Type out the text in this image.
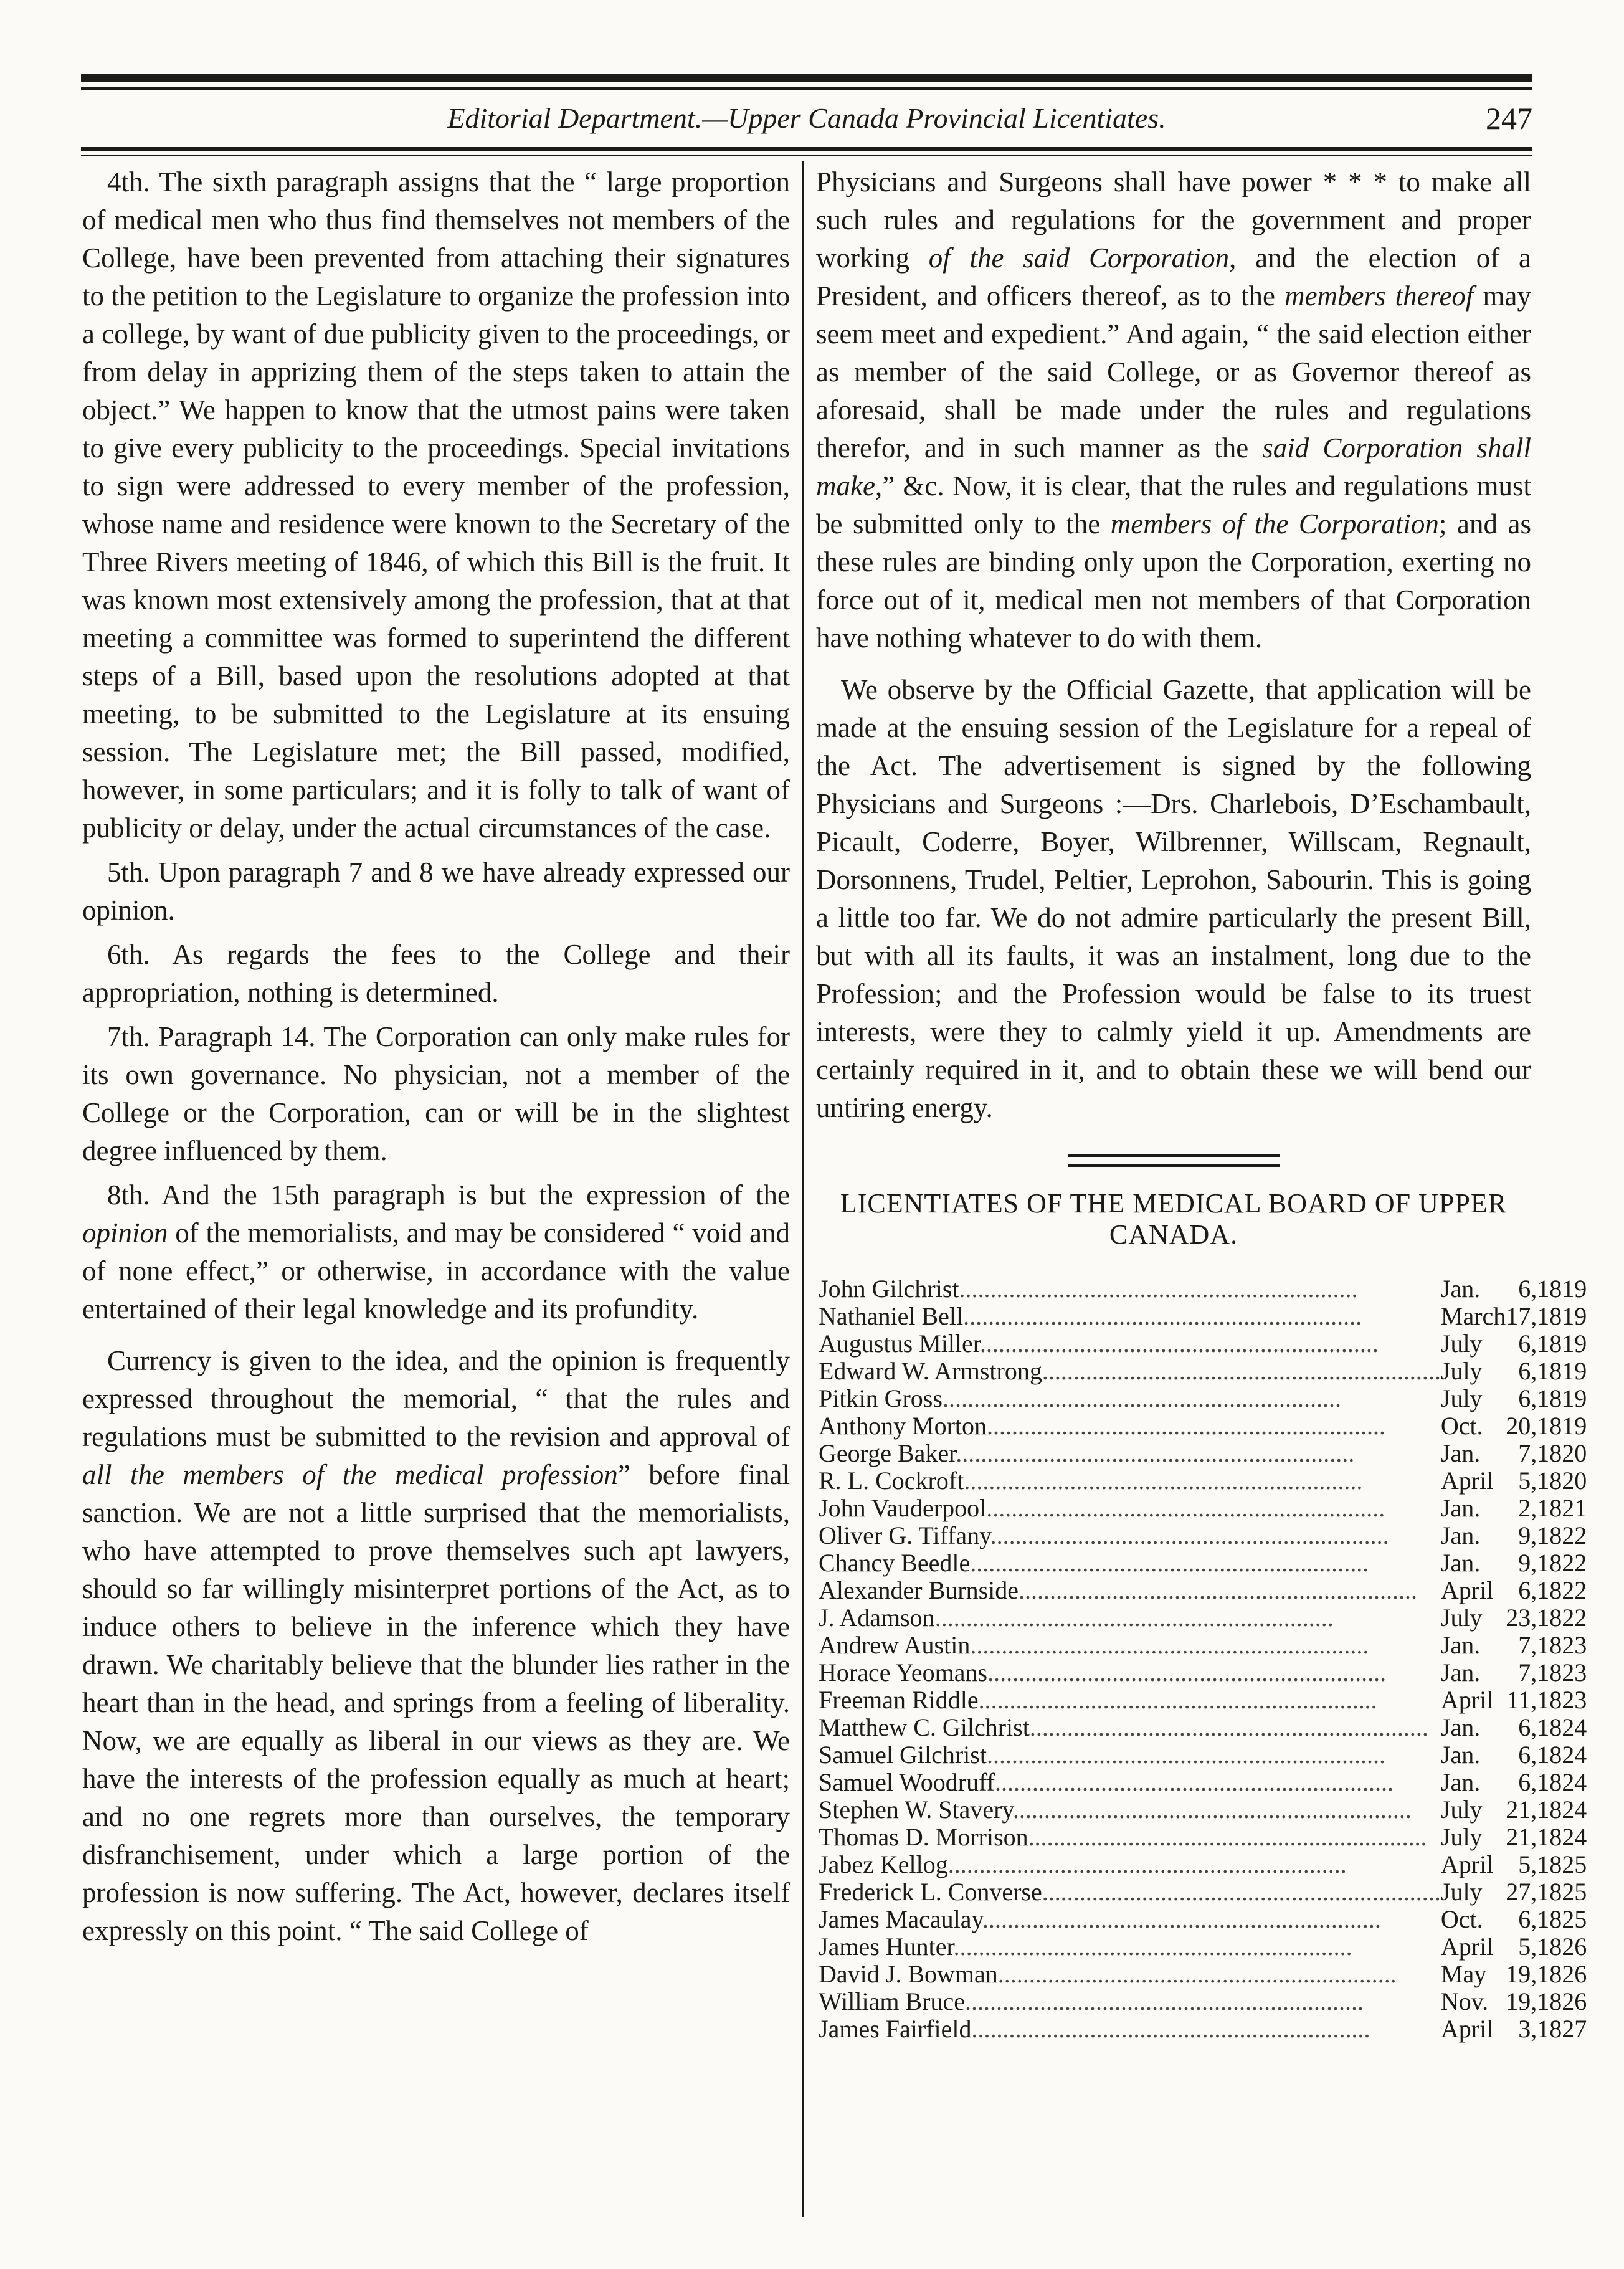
Editorial Department.—Upper Canada Provincial Licentiates.	247

4th. The sixth paragraph assigns that the “ large proportion of medical men who thus find themselves not members of the College, have been prevented from attaching their signatures to the petition to the Legislature to organize the profession into a college, by want of due publicity given to the proceedings, or from delay in apprizing them of the steps taken to attain the object.” We happen to know that the utmost pains were taken to give every publicity to the proceedings. Special invitations to sign were addressed to every member of the profession, whose name and residence were known to the Secretary of the Three Rivers meeting of 1846, of which this Bill is the fruit. It was known most extensively among the profession, that at that meeting a committee was formed to superintend the different steps of a Bill, based upon the resolutions adopted at that meeting, to be submitted to the Legislature at its ensuing session. The Legislature met; the Bill passed, modified, however, in some particulars; and it is folly to talk of want of publicity or delay, under the actual circumstances of the case.

5th. Upon paragraph 7 and 8 we have already expressed our opinion.

6th. As regards the fees to the College and their appropriation, nothing is determined.

7th. Paragraph 14. The Corporation can only make rules for its own governance. No physician, not a member of the College or the Corporation, can or will be in the slightest degree influenced by them.

8th. And the 15th paragraph is but the expression of the opinion of the memorialists, and may be considered “ void and of none effect,” or otherwise, in accordance with the value entertained of their legal knowledge and its profundity.

Currency is given to the idea, and the opinion is frequently expressed throughout the memorial, “ that the rules and regulations must be submitted to the revision and approval of all the members of the medical profession” before final sanction. We are not a little surprised that the memorialists, who have attempted to prove themselves such apt lawyers, should so far willingly misinterpret portions of the Act, as to induce others to believe in the inference which they have drawn. We charitably believe that the blunder lies rather in the heart than in the head, and springs from a feeling of liberality. Now, we are equally as liberal in our views as they are. We have the interests of the profession equally as much at heart; and no one regrets more than ourselves, the temporary disfranchisement, under which a large portion of the profession is now suffering. The Act, however, declares itself expressly on this point. “ The said College of

Physicians and Surgeons shall have power * * * to make all such rules and regulations for the government and proper working of the said Corporation, and the election of a President, and officers thereof, as to the members thereof may seem meet and expedient.” And again, “ the said election either as member of the said College, or as Governor thereof as aforesaid, shall be made under the rules and regulations therefor, and in such manner as the said Corporation shall make,” &c. Now, it is clear, that the rules and regulations must be submitted only to the members of the Corporation; and as these rules are binding only upon the Corporation, exerting no force out of it, medical men not members of that Corporation have nothing whatever to do with them.

We observe by the Official Gazette, that application will be made at the ensuing session of the Legislature for a repeal of the Act. The advertisement is signed by the following Physicians and Surgeons :—Drs. Charlebois, D’Eschambault, Picault, Coderre, Boyer, Wilbrenner, Willscam, Regnault, Dorsonnens, Trudel, Peltier, Leprohon, Sabourin. This is going a little too far. We do not admire particularly the present Bill, but with all its faults, it was an instalment, long due to the Profession; and the Profession would be false to its truest interests, were they to calmly yield it up. Amendments are certainly required in it, and to obtain these we will bend our untiring energy.

LICENTIATES OF THE MEDICAL BOARD OF UPPER CANADA.
John Gilchrist................................................................	Jan.	6,	1819
Nathaniel Bell................................................................	March	17,	1819
Augustus Miller................................................................	July	6,	1819
Edward W. Armstrong................................................................	July	6,	1819
Pitkin Gross................................................................	July	6,	1819
Anthony Morton................................................................	Oct.	20,	1819
George Baker................................................................	Jan.	7,	1820
R. L. Cockroft................................................................	April	5,	1820
John Vauderpool................................................................	Jan.	2,	1821
Oliver G. Tiffany................................................................	Jan.	9,	1822
Chancy Beedle................................................................	Jan.	9,	1822
Alexander Burnside................................................................	April	6,	1822
J. Adamson................................................................	July	23,	1822
Andrew Austin................................................................	Jan.	7,	1823
Horace Yeomans................................................................	Jan.	7,	1823
Freeman Riddle................................................................	April	11,	1823
Matthew C. Gilchrist................................................................	Jan.	6,	1824
Samuel Gilchrist................................................................	Jan.	6,	1824
Samuel Woodruff................................................................	Jan.	6,	1824
Stephen W. Stavery................................................................	July	21,	1824
Thomas D. Morrison................................................................	July	21,	1824
Jabez Kellog................................................................	April	5,	1825
Frederick L. Converse................................................................	July	27,	1825
James Macaulay................................................................	Oct.	6,	1825
James Hunter................................................................	April	5,	1826
David J. Bowman................................................................	May	19,	1826
William Bruce................................................................	Nov.	19,	1826
James Fairfield................................................................	April	3,	1827
